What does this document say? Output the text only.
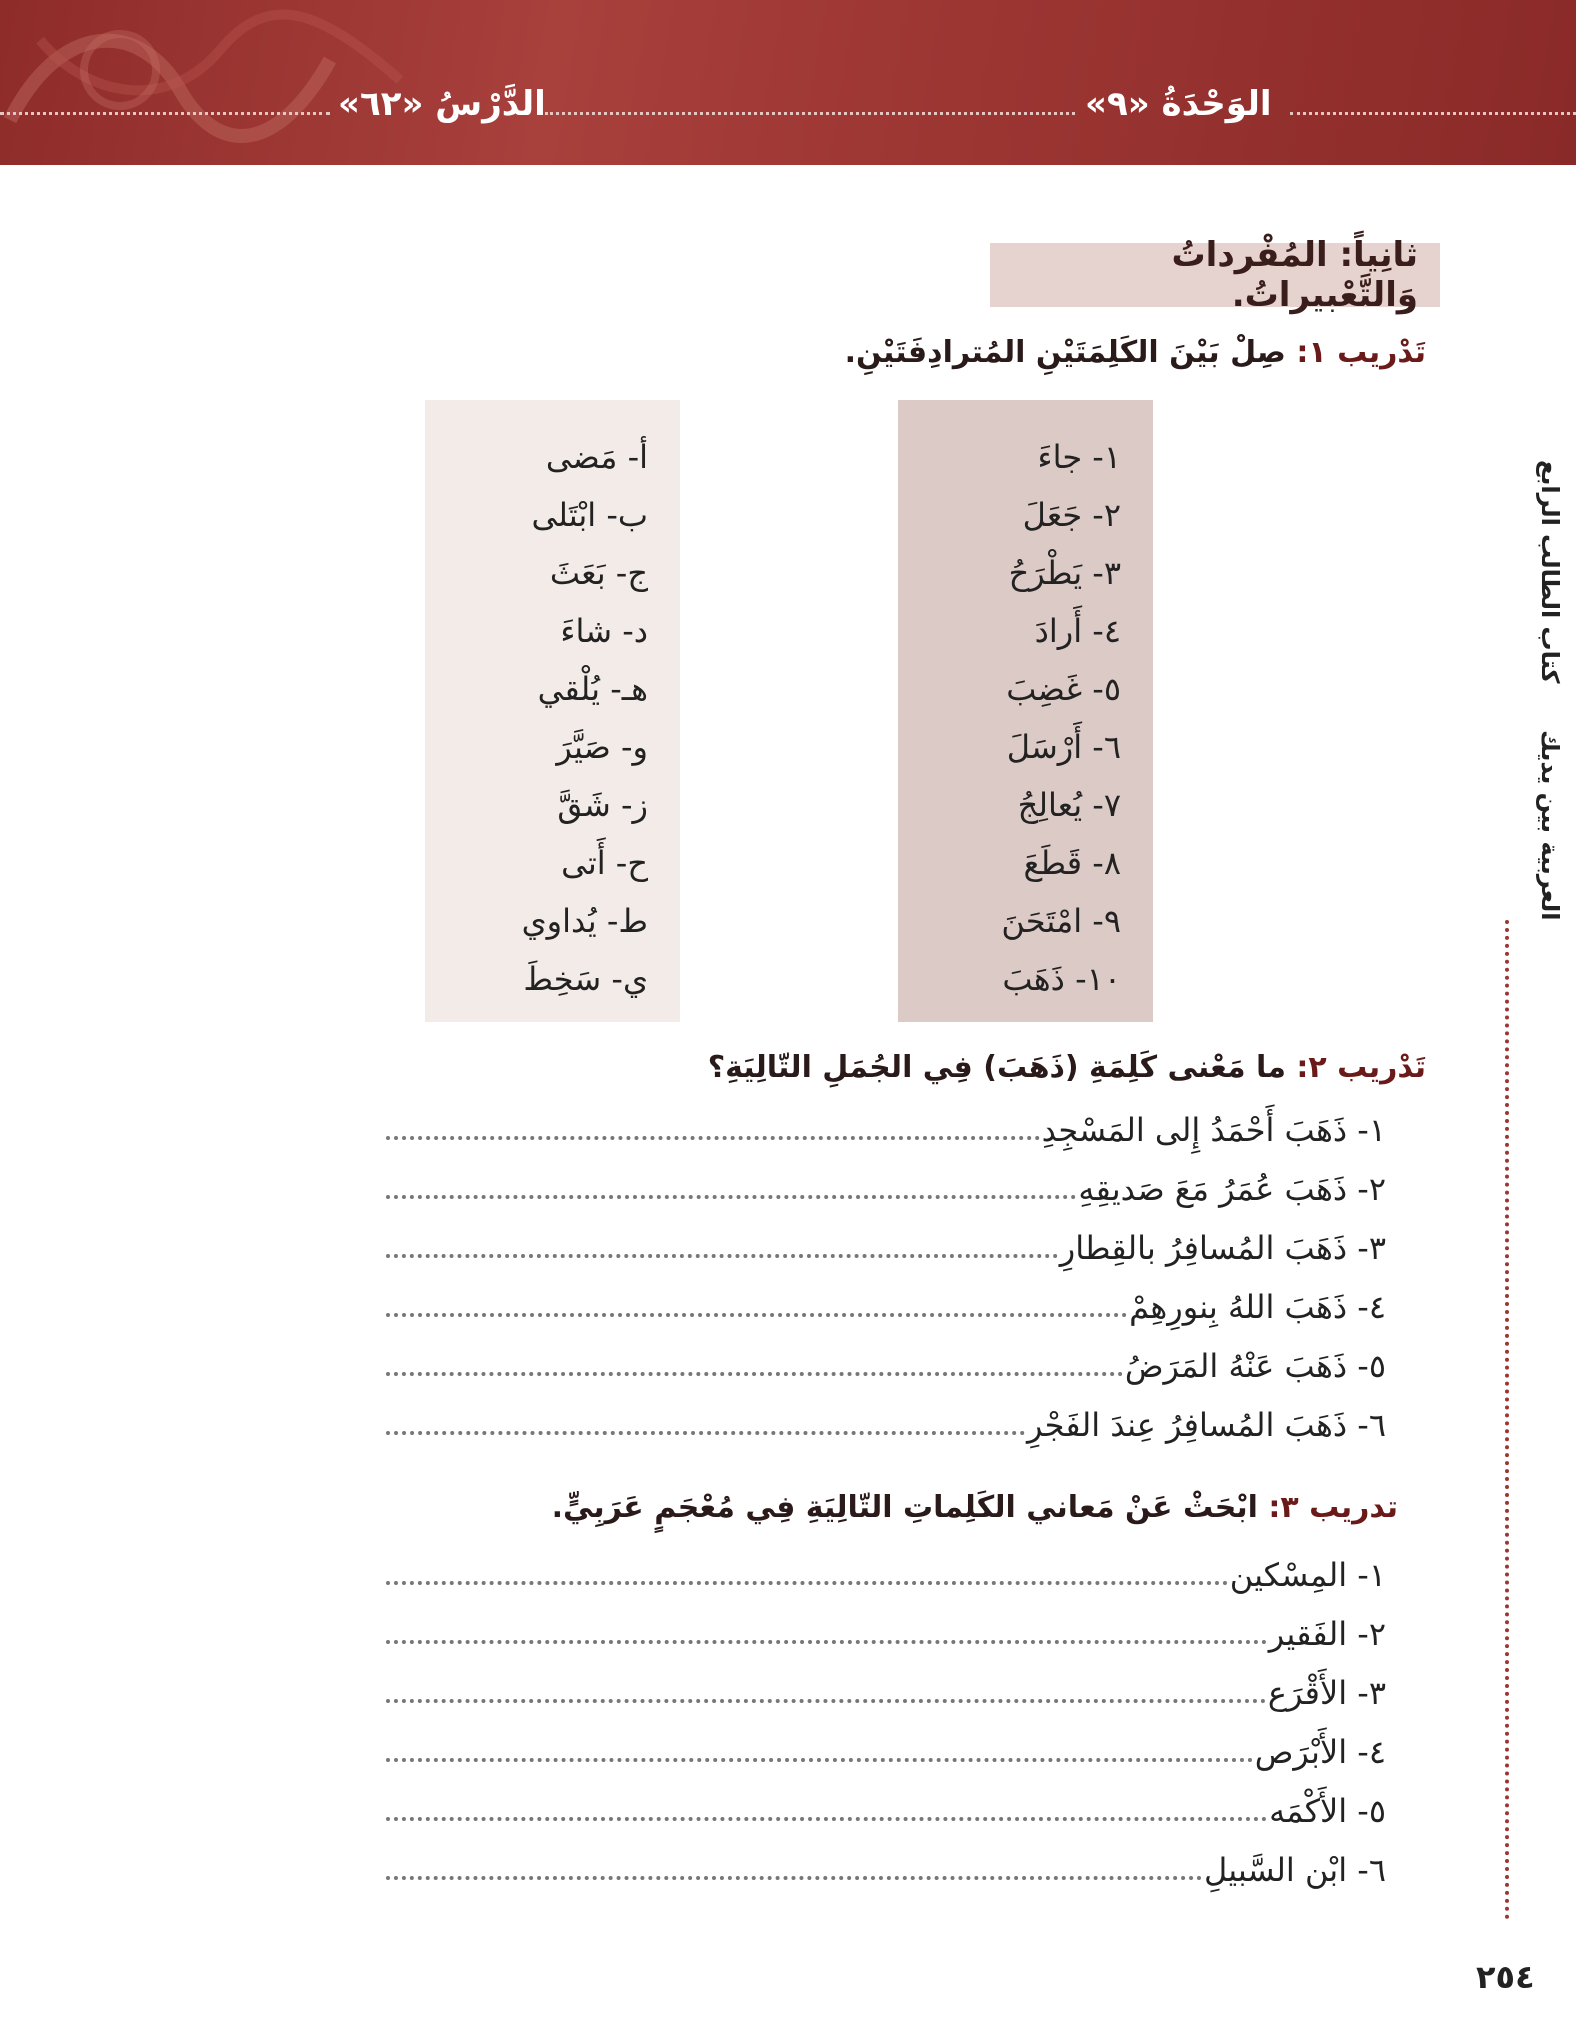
الوَحْدَةُ «٩»
الدَّرْسُ «٦٢»
ثانِياً: المُفْرداتُ وَالتَّعْبيراتُ.
تَدْريب ١: صِلْ بَيْنَ الكَلِمَتَيْنِ المُترادِفَتَيْنِ.
١- جاءَ
٢- جَعَلَ
٣- يَطْرَحُ
٤- أَرادَ
٥- غَضِبَ
٦- أَرْسَلَ
٧- يُعالِجُ
٨- قَطَعَ
٩- امْتَحَنَ
١٠- ذَهَبَ
أ- مَضى
ب- ابْتَلى
ج- بَعَثَ
د- شاءَ
هـ- يُلْقي
و- صَيَّرَ
ز- شَقَّ
ح- أَتى
ط- يُداوي
ي- سَخِطَ
تَدْريب ٢: ما مَعْنى كَلِمَةِ (ذَهَبَ) فِي الجُمَلِ التّالِيَةِ؟
١- ذَهَبَ أَحْمَدُ إِلى المَسْجِدِ
٢- ذَهَبَ عُمَرُ مَعَ صَديقِهِ
٣- ذَهَبَ المُسافِرُ بالقِطارِ
٤- ذَهَبَ اللهُ بِنورِهِمْ
٥- ذَهَبَ عَنْهُ المَرَضُ
٦- ذَهَبَ المُسافِرُ عِندَ الفَجْرِ
تدريب ٣: ابْحَثْ عَنْ مَعاني الكَلِماتِ التّالِيَةِ فِي مُعْجَمٍ عَرَبِيٍّ.
١- المِسْكين
٢- الفَقير
٣- الأَقْرَع
٤- الأَبْرَص
٥- الأَكْمَه
٦- ابْن السَّبيلِ
العربية بين يديك
كتاب الطالب الرابع
٢٥٤
